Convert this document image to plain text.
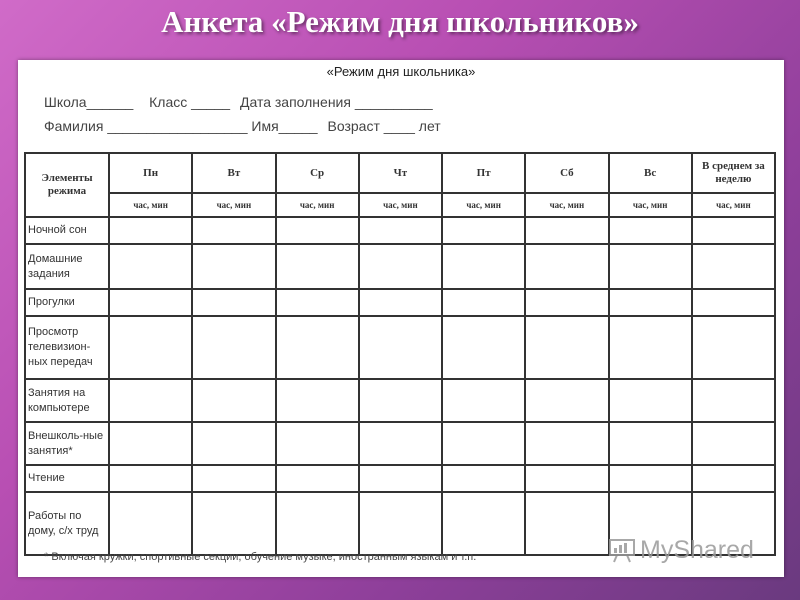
Анкета «Режим дня школьников»
«Режим дня школьника»
Школа______ Класс _____ Дата заполнения __________
Фамилия __________________ Имя_____ Возраст ____ лет
Элементы режима	Пн	Вт	Ср	Чт	Пт	Сб	Вс	В среднем за неделю
	час, мин	час, мин	час, мин	час, мин	час, мин	час, мин	час, мин	час, мин
Ночной сон								
Домашние задания								
Прогулки								
Просмотр телевизион-ных передач								
Занятия на компьютере								
Внешколь-ные занятия*								
Чтение								
Работы по дому, с/х труд								
* Включая кружки, спортивные секции, обучение музыке, иностранным языкам и т.п.	MyShared
